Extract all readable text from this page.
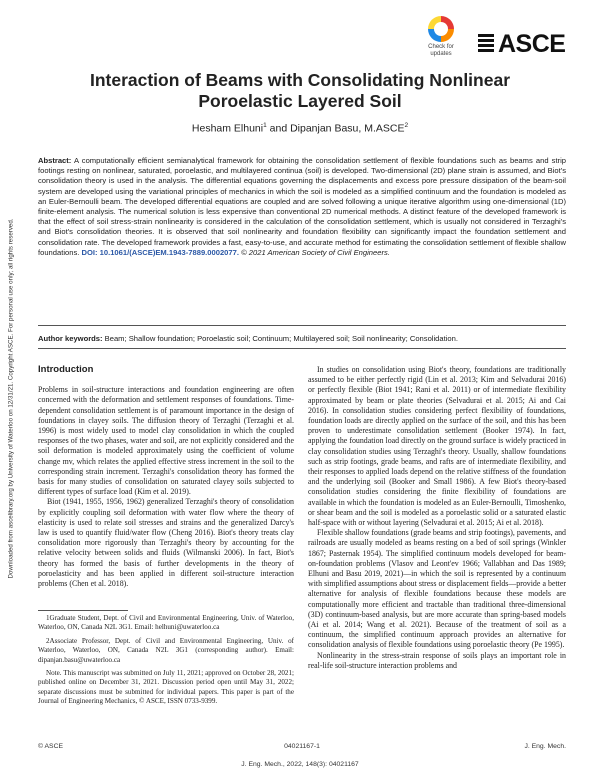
Downloaded from ascelibrary.org by University of Waterloo on 12/31/21. Copyright ASCE. For personal use only; all rights reserved.
Check for
updates	ASCE
Interaction of Beams with Consolidating Nonlinear
Poroelastic Layered Soil
Hesham Elhuni$^1$ and Dipanjan Basu, M.ASCE$^2$
Abstract: A computationally efficient semianalytical framework for obtaining the consolidation settlement of flexible foundations such as beams and strip footings resting on nonlinear, saturated, poroelastic, and multilayered continua (soil) is developed. Two-dimensional (2D) plane strain is assumed, and Biot's consolidation theory is used in the analysis. The differential equations governing the displacements and excess pore pressure dissipation of the beam-soil system are developed using the variational principles of mechanics in which the soil is modeled as a simplified continuum and the foundation is modeled as an Euler-Bernoulli beam. The developed differential equations are coupled and are solved following a unique iterative algorithm using one-dimensional (1D) finite-element analysis. The numerical solution is less expensive than conventional 2D numerical methods. A distinct feature of the developed framework is that the effect of soil stress-strain nonlinearity is considered in the calculation of the consolidation settlement, which is usually not considered in Terzaghi's and Biot's consolidation theories. It is observed that soil nonlinearity and foundation flexibility can significantly impact the foundation settlement and consolidation rate. The developed framework provides a fast, easy-to-use, and accurate method for estimating the consolidation settlement of flexible shallow foundations. DOI: 10.1061/(ASCE)EM.1943-7889.0002077. © 2021 American Society of Civil Engineers.
Author keywords: Beam; Shallow foundation; Poroelastic soil; Continuum; Multilayered soil; Soil nonlinearity; Consolidation.
Introduction

Problems in soil-structure interactions and foundation engineering are often concerned with the deformation and settlement responses of foundations. Time-dependent consolidation settlement is of paramount importance in the design of foundations in clayey soils. The diffusion theory of Terzaghi (Terzaghi et al. 1996) is most widely used to model clay consolidation in which the coupled responses of the two phases, water and soil, are not explicitly considered and the soil deformation is modeled approximately using the coefficient of volume change mv, which relates the applied effective stress increment in the soil to the corresponding strain increment. Terzaghi's consolidation theory has formed the basis for many studies of consolidation on saturated clayey soils subjected to different types of surface load (Kim et al. 2019).

Biot (1941, 1955, 1956, 1962) generalized Terzaghi's theory of consolidation by explicitly coupling soil deformation with water flow where the theory of elasticity is used to relate soil stresses and strains and the generalized Darcy's law is used to quantify fluid/water flow (Cheng 2016). Biot's theory treats clay consolidation more rigorously than Terzaghi's theory by accounting for the relative velocity between solids and fluids (Wilmanski 2006). In fact, Biot's theory has formed the basis of further developments in the theory of poroelasticity and has been applied in different soil-structure interaction problems (Chen et al. 2018).

1Graduate Student, Dept. of Civil and Environmental Engineering, Univ. of Waterloo, Waterloo, ON, Canada N2L 3G1. Email: helhuni@uwaterloo.ca

2Associate Professor, Dept. of Civil and Environmental Engineering, Univ. of Waterloo, Waterloo, ON, Canada N2L 3G1 (corresponding author). Email: dipanjan.basu@uwaterloo.ca

Note. This manuscript was submitted on July 11, 2021; approved on October 28, 2021; published online on December 31, 2021. Discussion period open until May 31, 2022; separate discussions must be submitted for individual papers. This paper is part of the Journal of Engineering Mechanics, © ASCE, ISSN 0733-9399.

In studies on consolidation using Biot's theory, foundations are traditionally assumed to be either perfectly rigid (Lin et al. 2013; Kim and Selvadurai 2016) or perfectly flexible (Biot 1941; Rani et al. 2011) or of intermediate flexibility approximated by beam or plate theories (Selvadurai et al. 2015; Ai and Cai 2016). In consolidation studies considering perfect flexibility of foundations, foundation loads are directly applied on the surface of the soil, and this has been proven to underestimate consolidation settlement (Booker 1974). In fact, applying the foundation load directly on the ground surface is widely practiced in clay consolidation studies using Terzaghi's theory. Usually, shallow foundations such as strip footings, grade beams, and rafts are of intermediate flexibility, and their responses to applied loads depend on the relative stiffness of the foundation and the underlying soil (Booker and Small 1986). A few Biot's theory-based consolidation studies considering the finite flexibility of foundations are available in which the foundation is modeled as an Euler-Bernoulli, Timoshenko, or shear beam and the soil is modeled as a poroelastic solid or a saturated elastic half-space with or without layering (Selvadurai et al. 2015; Ai et al. 2018).

Flexible shallow foundations (grade beams and strip footings), pavements, and railroads are usually modeled as beams resting on a bed of soil springs (Winkler 1867; Pasternak 1954). The simplified continuum models developed for beam-on-foundation problems (Vlasov and Leont'ev 1966; Vallabhan and Das 1989; Elhuni and Basu 2019, 2021)—in which the soil is represented by a continuum with simplified assumptions about stress or displacement fields—provide a better alternative for analysis of flexible foundations because these models are computationally more efficient and tractable than traditional three-dimensional (3D) continuum-based analysis, but are more accurate than spring-based models (Ai et al. 2014; Wang et al. 2021). Because of the treatment of soil as a continuum, the simplified continuum approach provides an alternative for consolidation analysis of flexible foundations using poroelastic theory (Pe 1995).

Nonlinearity in the stress-strain response of soils plays an important role in real-life soil-structure interaction problems and

© ASCE	04021167-1	J. Eng. Mech.
J. Eng. Mech., 2022, 148(3): 04021167
